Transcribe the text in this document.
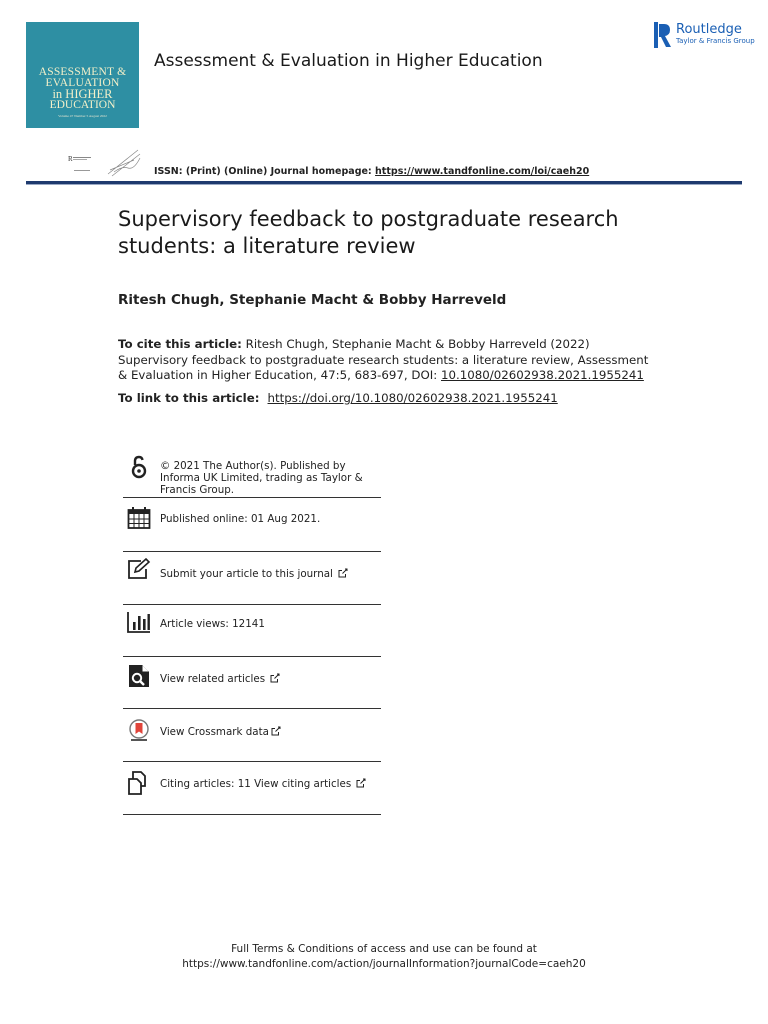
ASSESSMENT &
EVALUATION
in HIGHER
EDUCATION
Volume 47 Number 5 August 2022
Assessment & Evaluation in Higher Education
Routledge
Taylor & Francis Group
R
ISSN: (Print) (Online) Journal homepage: https://www.tandfonline.com/loi/caeh20
Supervisory feedback to postgraduate research students: a literature review
Ritesh Chugh, Stephanie Macht & Bobby Harreveld
To cite this article: Ritesh Chugh, Stephanie Macht & Bobby Harreveld (2022) Supervisory feedback to postgraduate research students: a literature review, Assessment & Evaluation in Higher Education, 47:5, 683-697, DOI: 10.1080/02602938.2021.1955241
To link to this article: https://doi.org/10.1080/02602938.2021.1955241
© 2021 The Author(s). Published by Informa UK Limited, trading as Taylor & Francis Group.
Published online: 01 Aug 2021.
Submit your article to this journal
Article views: 12141
View related articles
View Crossmark data
Citing articles: 11 View citing articles
Full Terms & Conditions of access and use can be found at
https://www.tandfonline.com/action/journalInformation?journalCode=caeh20
